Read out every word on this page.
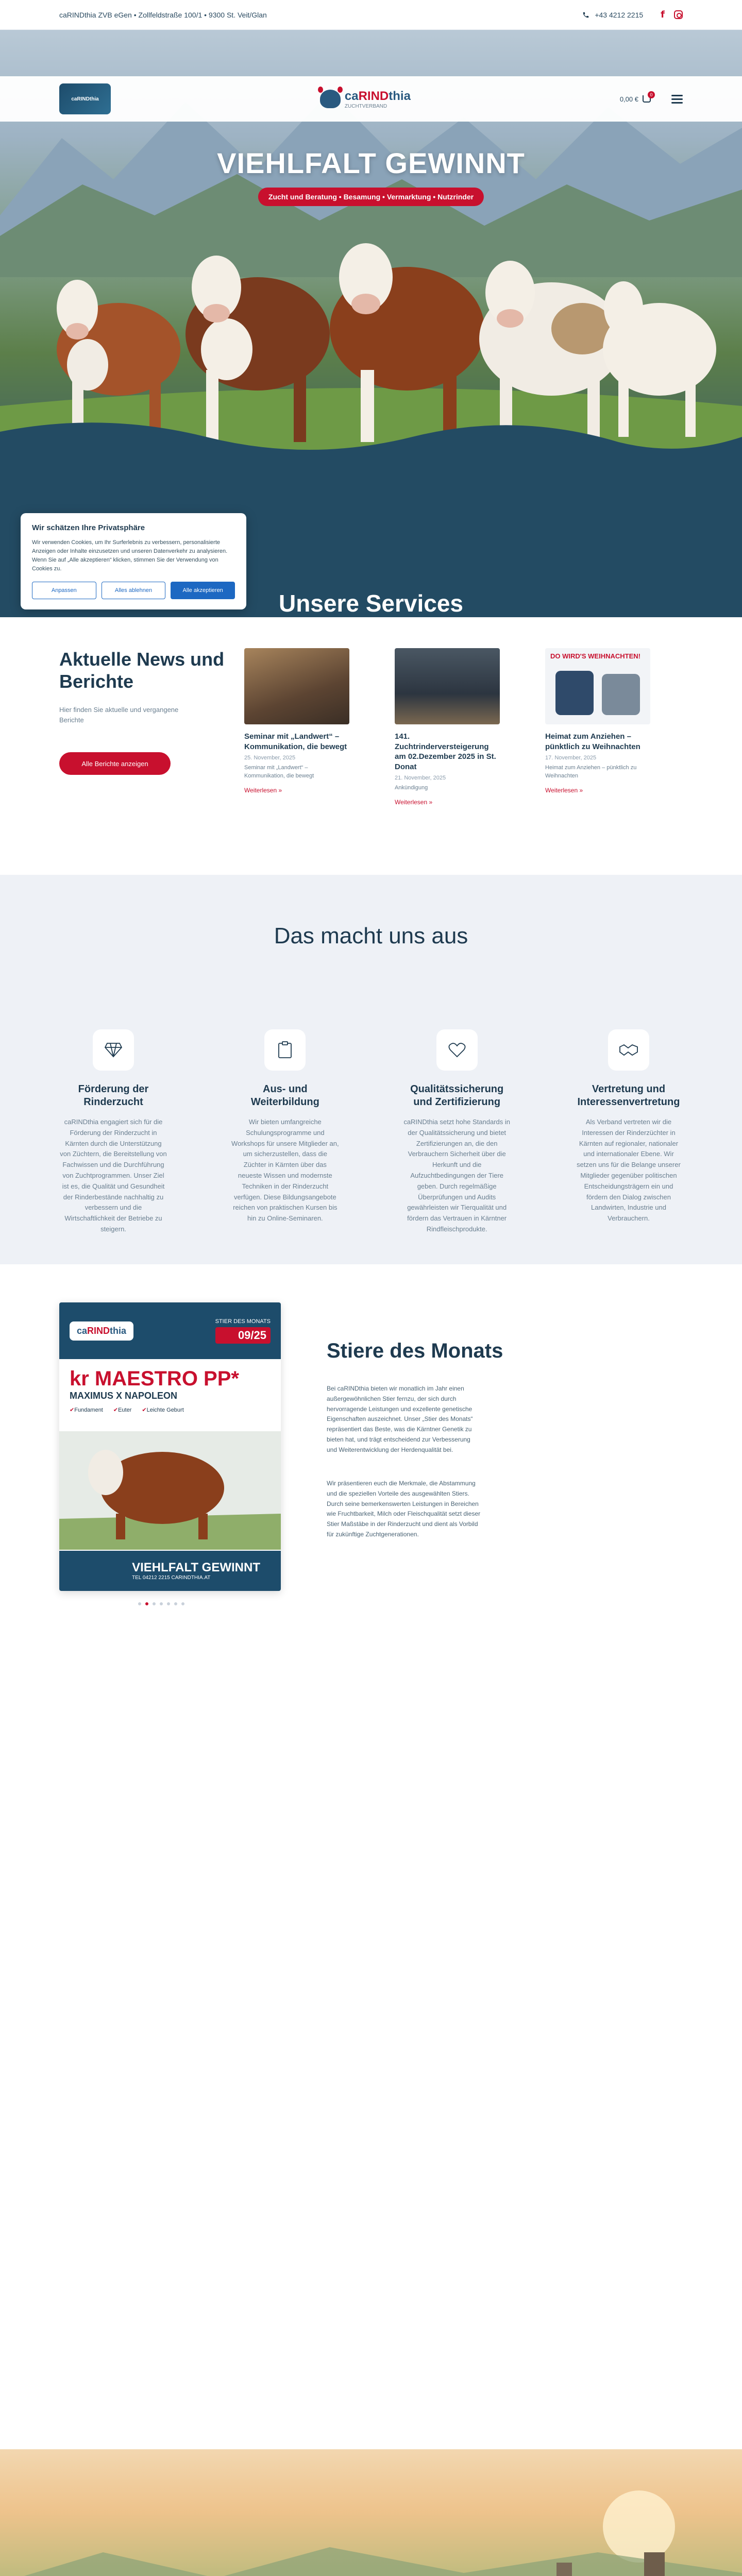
caRINDthia ZVB eGen • Zollfeldstraße 100/1 • 9300 St. Veit/Glan	+43 4212 2215 f
caRINDthia	caRINDthia
ZUCHTVERBAND
0,00 €
0
VIEHLFALT GEWINNT
Zucht und Beratung • Besamung • Vermarktung • Nutzrinder
Wir schätzen Ihre Privatsphäre

Wir verwenden Cookies, um Ihr Surferlebnis zu verbessern, personalisierte Anzeigen oder Inhalte einzusetzen und unseren Datenverkehr zu analysieren. Wenn Sie auf „Alle akzeptieren“ klicken, stimmen Sie der Verwendung von Cookies zu.

Anpassen	Alles ablehnen	Alle akzeptieren	Unsere Services
Aktuelle News und Berichte

Hier finden Sie aktuelle und vergangene Berichte

Alle Berichte anzeigen
Seminar mit „Landwert“ – Kommunikation, die bewegt
25. November, 2025
Seminar mit „Landwert“ – Kommunikation, die bewegt
Weiterlesen »
141. Zuchtrinderversteigerung am 02.Dezember 2025 in St. Donat
21. November, 2025
Ankündigung
Weiterlesen »
DO WIRD'S WEIHNACHTEN!
Heimat zum Anziehen – pünktlich zu Weihnachten
17. November, 2025
Heimat zum Anziehen – pünktlich zu Weihnachten
Weiterlesen »
Das macht uns aus
Förderung der Rinderzucht

caRINDthia engagiert sich für die Förderung der Rinderzucht in Kärnten durch die Unterstützung von Züchtern, die Bereitstellung von Fachwissen und die Durchführung von Zuchtprogrammen. Unser Ziel ist es, die Qualität und Gesundheit der Rinderbestände nachhaltig zu verbessern und die Wirtschaftlichkeit der Betriebe zu steigern.

Aus- und Weiterbildung

Wir bieten umfangreiche Schulungsprogramme und Workshops für unsere Mitglieder an, um sicherzustellen, dass die Züchter in Kärnten über das neueste Wissen und modernste Techniken in der Rinderzucht verfügen. Diese Bildungsangebote reichen von praktischen Kursen bis hin zu Online-Seminaren.

Qualitätssicherung und Zertifizierung

caRINDthia setzt hohe Standards in der Qualitätssicherung und bietet Zertifizierungen an, die den Verbrauchern Sicherheit über die Herkunft und die Aufzuchtbedingungen der Tiere geben. Durch regelmäßige Überprüfungen und Audits gewährleisten wir Tierqualität und fördern das Vertrauen in Kärntner Rindfleischprodukte.

Vertretung und Interessenvertretung

Als Verband vertreten wir die Interessen der Rinderzüchter in Kärnten auf regionaler, nationaler und internationaler Ebene. Wir setzen uns für die Belange unserer Mitglieder gegenüber politischen Entscheidungsträgern ein und fördern den Dialog zwischen Landwirten, Industrie und Verbrauchern.

caRINDthia
STIER DES MONATS
09/25
kr MAESTRO PP*
MAXIMUS X NAPOLEON
✔ Fundament	✔ Euter	✔ Leichte Geburt
VIEHLFALT GEWINNT
TEL 04212 2215 CARINDTHIA.AT
Stiere des Monats

Bei caRINDthia bieten wir monatlich im Jahr einen außergewöhnlichen Stier fernzu, der sich durch hervorragende Leistungen und exzellente genetische Eigenschaften auszeichnet. Unser „Stier des Monats“ repräsentiert das Beste, was die Kärntner Genetik zu bieten hat, und trägt entscheidend zur Verbesserung und Weiterentwicklung der Herdenqualität bei.

Wir präsentieren euch die Merkmale, die Abstammung und die speziellen Vorteile des ausgewählten Stiers. Durch seine bemerkenswerten Leistungen in Bereichen wie Fruchtbarkeit, Milch oder Fleischqualität setzt dieser Stier Maßstäbe in der Rinderzucht und dient als Vorbild für zukünftige Zuchtgenerationen.
